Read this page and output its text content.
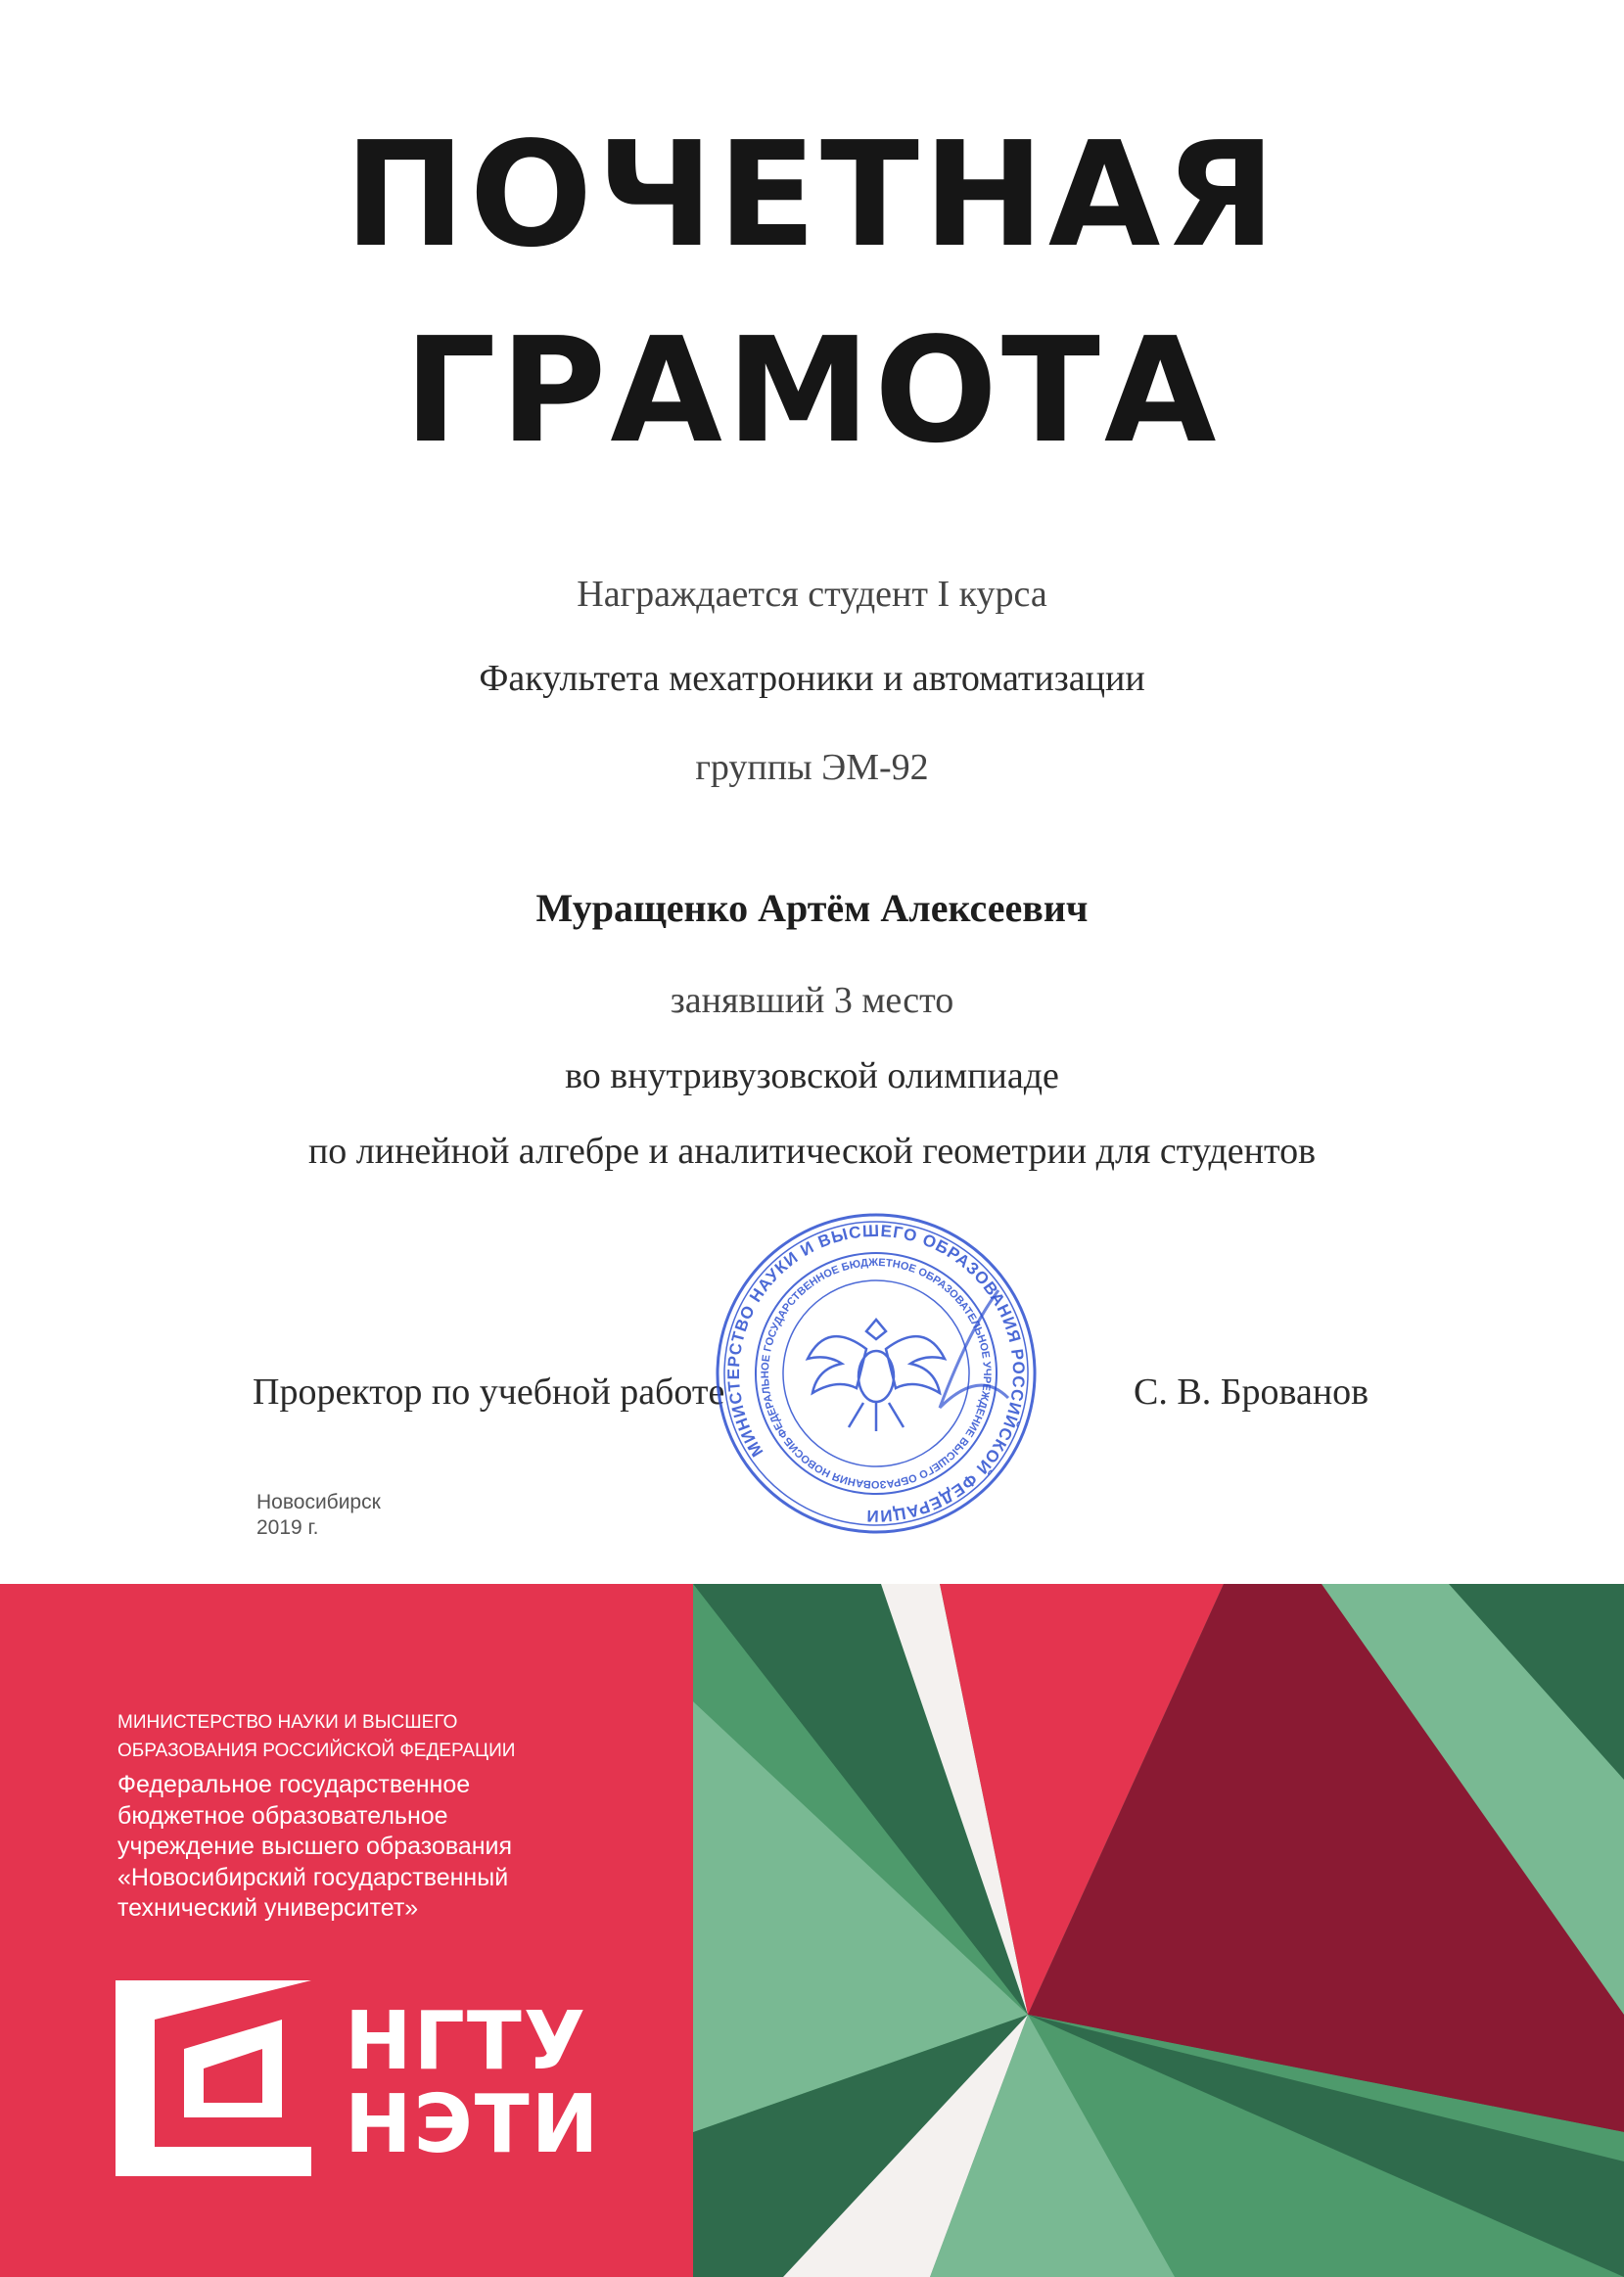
ПОЧЕТНАЯ
ГРАМОТА
Награждается студент I курса
Факультета мехатроники и автоматизации
группы ЭМ-92
Муращенко Артём Алексеевич
занявший 3 место
во внутривузовской олимпиаде
по линейной алгебре и аналитической геометрии для студентов
Проректор по учебной работе	С. В. Брованов
Новосибирск
2019 г.
МИНИСТЕРСТВО НАУКИ И ВЫСШЕГО ОБРАЗОВАНИЯ РОССИЙСКОЙ ФЕДЕРАЦИИ
ФЕДЕРАЛЬНОЕ ГОСУДАРСТВЕННОЕ БЮДЖЕТНОЕ ОБРАЗОВАТЕЛЬНОЕ УЧРЕЖДЕНИЕ ВЫСШЕГО ОБРАЗОВАНИЯ НОВОСИБИРСКИЙ
МИНИСТЕРСТВО НАУКИ И ВЫСШЕГО
ОБРАЗОВАНИЯ РОССИЙСКОЙ ФЕДЕРАЦИИ
Федеральное государственное
бюджетное образовательное
учреждение высшего образования
«Новосибирский государственный
технический университет»
НГТУ
НЭТИ
